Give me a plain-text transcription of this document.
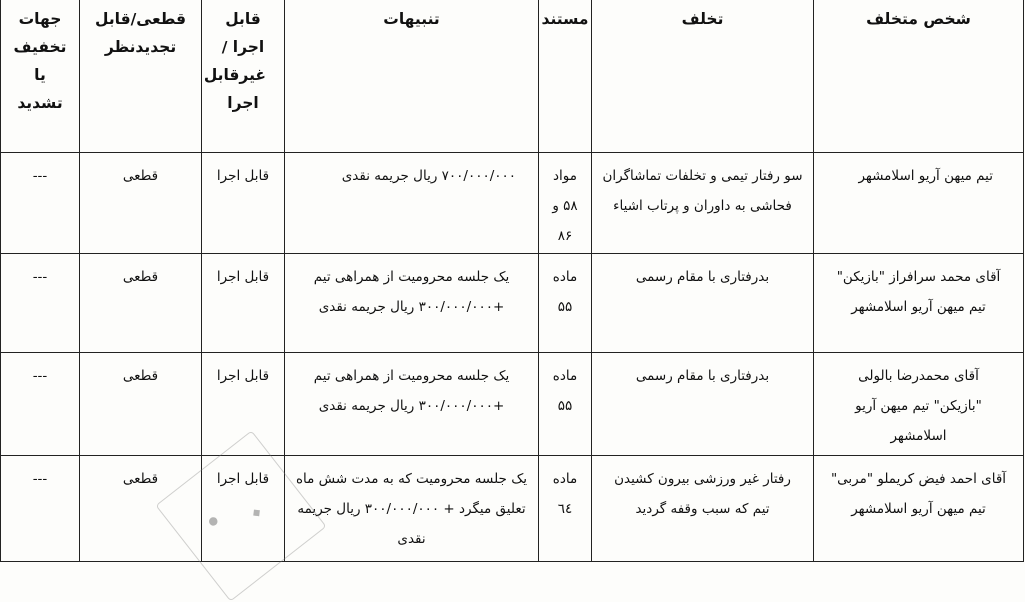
شخص متخلف	تخلف	مستند	تنبیهات	قابل اجرا /غیرقابل اجرا	قطعی/قابل تجدیدنظر	جهات تخفیف یا تشدید
تیم میهن آریو اسلامشهر	سو رفتار تیمی و تخلفات تماشاگران فحاشی به داوران و پرتاب اشیاء	مواد ۵۸ و ۸۶	۷۰۰/۰۰۰/۰۰۰ ریال جریمه نقدی	قابل اجرا	قطعی	---
آقای محمد سرافراز "بازیکن" تیم میهن آریو اسلامشهر	بدرفتاری با مقام رسمی	ماده ۵۵	یک جلسه محرومیت از همراهی تیم +۳۰۰/۰۰۰/۰۰۰ ریال جریمه نقدی	قابل اجرا	قطعی	---
آقای محمدرضا بالولی "بازیکن" تیم میهن آریو اسلامشهر	بدرفتاری با مقام رسمی	ماده ۵۵	یک جلسه محرومیت از همراهی تیم +۳۰۰/۰۰۰/۰۰۰ ریال جریمه نقدی	قابل اجرا	قطعی	---
آقای احمد فیض کریملو "مربی" تیم میهن آریو اسلامشهر	رفتار غیر ورزشی بیرون کشیدن تیم که سبب وقفه گردید	ماده ٦٤	یک جلسه محرومیت که به مدت شش ماه تعلیق میگرد + ۳۰۰/۰۰۰/۰۰۰ ریال جریمه نقدی	قابل اجرا	قطعی	---
●
◆
